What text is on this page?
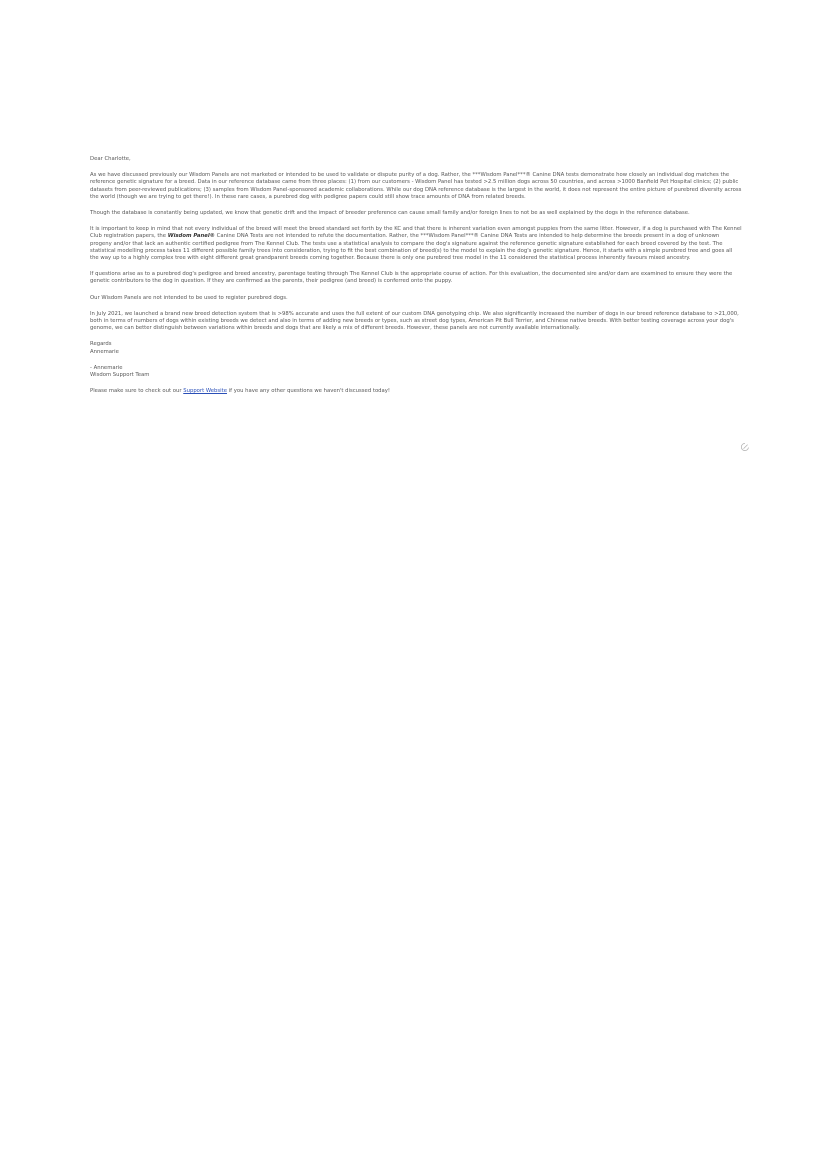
Dear Charlotte,

As we have discussed previously our Wisdom Panels are not marketed or intended to be used to validate or dispute purity of a dog. Rather, the ***Wisdom Panel***® Canine DNA tests demonstrate how closely an individual dog matches the reference genetic signature for a breed. Data in our reference database came from three places: (1) from our customers - Wisdom Panel has tested >2.5 million dogs across 50 countries, and across >1000 Banfield Pet Hospital clinics; (2) public datasets from peer-reviewed publications; (3) samples from Wisdom Panel-sponsored academic collaborations. While our dog DNA reference database is the largest in the world, it does not represent the entire picture of purebred diversity across the world (though we are trying to get there!). In these rare cases, a purebred dog with pedigree papers could still show trace amounts of DNA from related breeds.

Though the database is constantly being updated, we know that genetic drift and the impact of breeder preference can cause small family and/or foreign lines to not be as well explained by the dogs in the reference database.

It is important to keep in mind that not every individual of the breed will meet the breed standard set forth by the KC and that there is inherent variation even amongst puppies from the same litter. However, if a dog is purchased with The Kennel Club registration papers, the Wisdom Panel® Canine DNA Tests are not intended to refute the documentation. Rather, the ***Wisdom Panel***® Canine DNA Tests are intended to help determine the breeds present in a dog of unknown progeny and/or that lack an authentic certified pedigree from The Kennel Club. The tests use a statistical analysis to compare the dog's signature against the reference genetic signature established for each breed covered by the test. The statistical modelling process takes 11 different possible family trees into consideration, trying to fit the best combination of breed(s) to the model to explain the dog's genetic signature. Hence, it starts with a simple purebred tree and goes all the way up to a highly complex tree with eight different great grandparent breeds coming together. Because there is only one purebred tree model in the 11 considered the statistical process inherently favours mixed ancestry.

If questions arise as to a purebred dog's pedigree and breed ancestry, parentage testing through The Kennel Club is the appropriate course of action. For this evaluation, the documented sire and/or dam are examined to ensure they were the genetic contributors to the dog in question. If they are confirmed as the parents, their pedigree (and breed) is conferred onto the puppy.

Our Wisdom Panels are not intended to be used to register purebred dogs.

In July 2021, we launched a brand new breed detection system that is >98% accurate and uses the full extent of our custom DNA genotyping chip. We also significantly increased the number of dogs in our breed reference database to >21,000, both in terms of numbers of dogs within existing breeds we detect and also in terms of adding new breeds or types, such as street dog types, American Pit Bull Terrier, and Chinese native breeds. With better testing coverage across your dog's genome, we can better distinguish between variations within breeds and dogs that are likely a mix of different breeds. However, these panels are not currently available internationally.

Regards
Annemarie

- Annemarie
Wisdom Support Team

Please make sure to check out our Support Website if you have any other questions we haven't discussed today!
